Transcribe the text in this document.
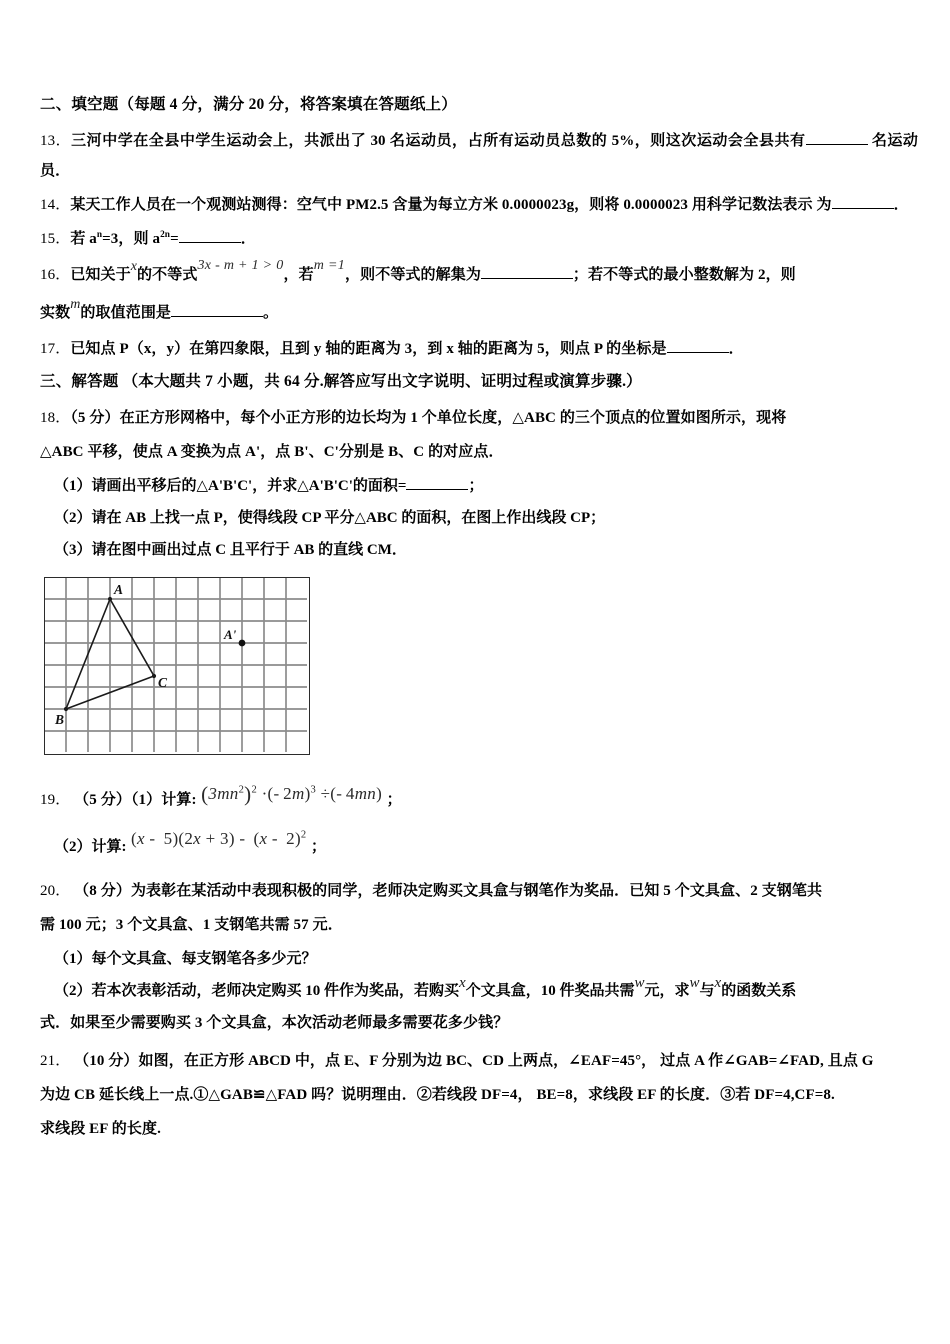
二、填空题（每题 4 分，满分 20 分，将答案填在答题纸上）
13．三河中学在全县中学生运动会上，共派出了 30 名运动员，占所有运动员总数的 5%，则这次运动会全县共有	名运动员．
14．某天工作人员在一个观测站测得：空气中 PM2.5 含量为每立方米 0.0000023g，则将 0.0000023 用科学记数法表示 为	．
15．若 $a^n=3$，则 $a^{2n}=$	．
16．已知关于x的不等式3x - m + 1 > 0，若m =1，则不等式的解集为	；若不等式的最小整数解为 2，则
实数m的取值范围是	。
17．已知点 P（x，y）在第四象限，且到 y 轴的距离为 3，到 x 轴的距离为 5，则点 P 的坐标是	．
三、解答题 （本大题共 7 小题，共 64 分.解答应写出文字说明、证明过程或演算步骤.）
18．（5 分）在正方形网格中，每个小正方形的边长均为 1 个单位长度，△ABC 的三个顶点的位置如图所示，现将
△ABC 平移，使点 A 变换为点 A'，点 B'、C'分别是 B、C 的对应点．
（1）请画出平移后的△A'B'C'，并求△A'B'C'的面积=	；
（2）请在 AB 上找一点 P，使得线段 CP 平分△ABC 的面积，在图上作出线段 CP；
（3）请在图中画出过点 C 且平行于 AB 的直线 CM．
A
B
C
A'
19． （5 分）（1）计算: $(3mn^2)^2$ ·(- 2m)$^3$ ÷(- 4mn) ；
（2）计算: (x -  5)(2x + 3) -  (x -  2)$^2$ ；
20． （8 分）为表彰在某活动中表现积极的同学，老师决定购买文具盒与钢笔作为奖品．已知 5 个文具盒、2 支钢笔共
需 100 元；3 个文具盒、1 支钢笔共需 57 元．
（1）每个文具盒、每支钢笔各多少元？
（2）若本次表彰活动，老师决定购买 10 件作为奖品，若购买x个文具盒，10 件奖品共需w元，求w与x的函数关系
式．如果至少需要购买 3 个文具盒，本次活动老师最多需要花多少钱？
21． （10 分）如图，在正方形 ABCD 中，点 E、F 分别为边 BC、CD 上两点，∠EAF=45°， 过点 A 作∠GAB=∠FAD, 且点 G
为边 CB 延长线上一点.①△GAB≌△FAD 吗？说明理由．②若线段 DF=4， BE=8，求线段 EF 的长度．③若 DF=4,CF=8.
求线段 EF 的长度.
